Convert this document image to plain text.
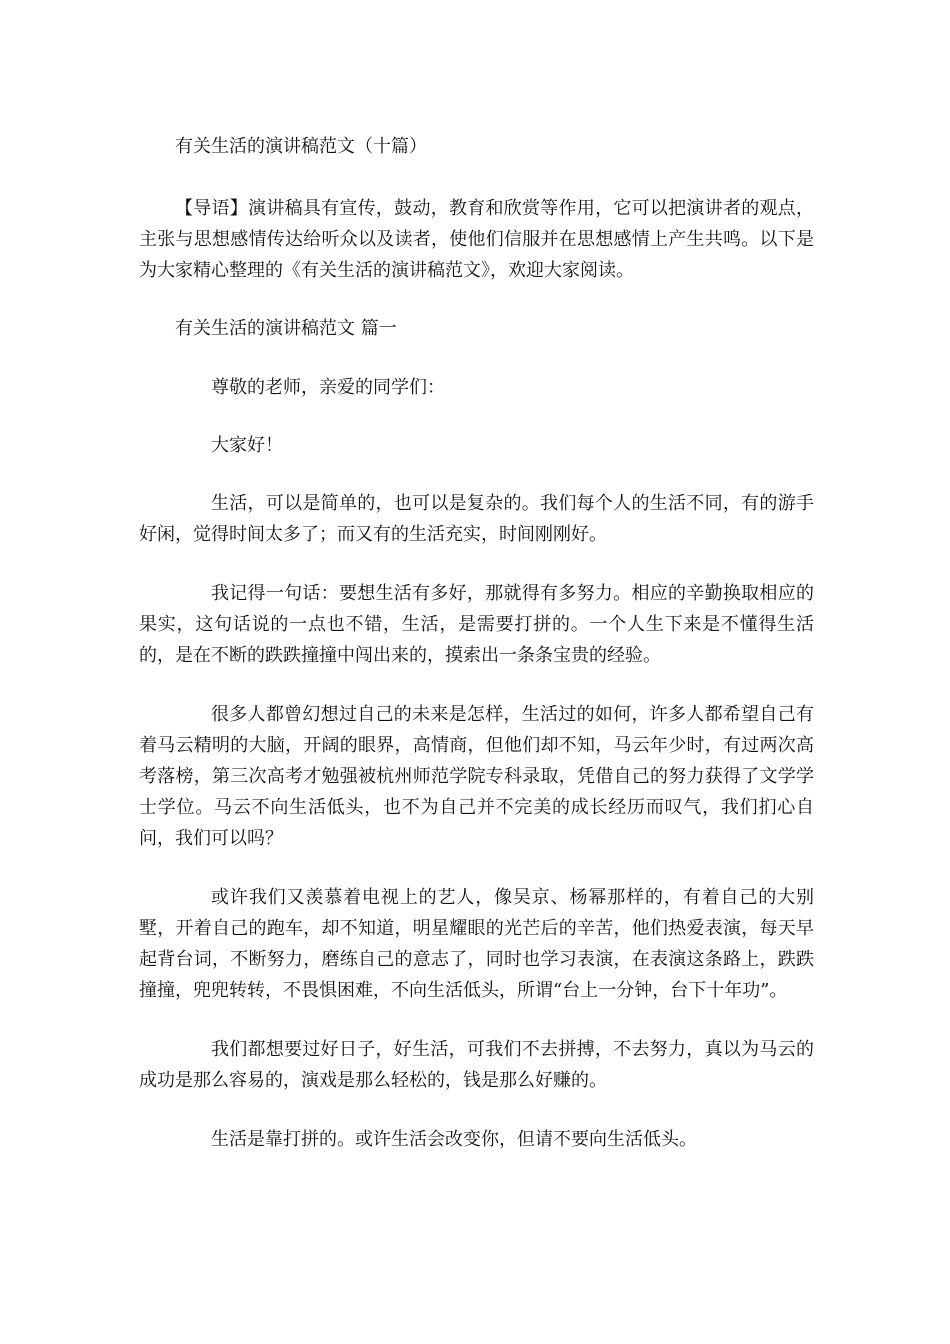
有关生活的演讲稿范文（十篇）

【导语】演讲稿具有宣传，鼓动，教育和欣赏等作用，它可以把演讲者的观点，主张与思想感情传达给听众以及读者，使他们信服并在思想感情上产生共鸣。以下是为大家精心整理的《有关生活的演讲稿范文》，欢迎大家阅读。

有关生活的演讲稿范文 篇一

尊敬的老师，亲爱的同学们：

大家好！

生活，可以是简单的，也可以是复杂的。我们每个人的生活不同，有的游手好闲，觉得时间太多了；而又有的生活充实，时间刚刚好。

我记得一句话：要想生活有多好，那就得有多努力。相应的辛勤换取相应的果实，这句话说的一点也不错，生活，是需要打拼的。一个人生下来是不懂得生活的，是在不断的跌跌撞撞中闯出来的，摸索出一条条宝贵的经验。

很多人都曾幻想过自己的未来是怎样，生活过的如何，许多人都希望自己有着马云精明的大脑，开阔的眼界，高情商，但他们却不知，马云年少时，有过两次高考落榜，第三次高考才勉强被杭州师范学院专科录取，凭借自己的努力获得了文学学士学位。马云不向生活低头，也不为自己并不完美的成长经历而叹气，我们扪心自问，我们可以吗？

或许我们又羡慕着电视上的艺人，像吴京、杨幂那样的，有着自己的大别墅，开着自己的跑车，却不知道，明星耀眼的光芒后的辛苦，他们热爱表演，每天早起背台词，不断努力，磨练自己的意志了，同时也学习表演，在表演这条路上，跌跌撞撞，兜兜转转，不畏惧困难，不向生活低头，所谓“台上一分钟，台下十年功”。

我们都想要过好日子，好生活，可我们不去拼搏，不去努力，真以为马云的成功是那么容易的，演戏是那么轻松的，钱是那么好赚的。

生活是靠打拼的。或许生活会改变你，但请不要向生活低头。
